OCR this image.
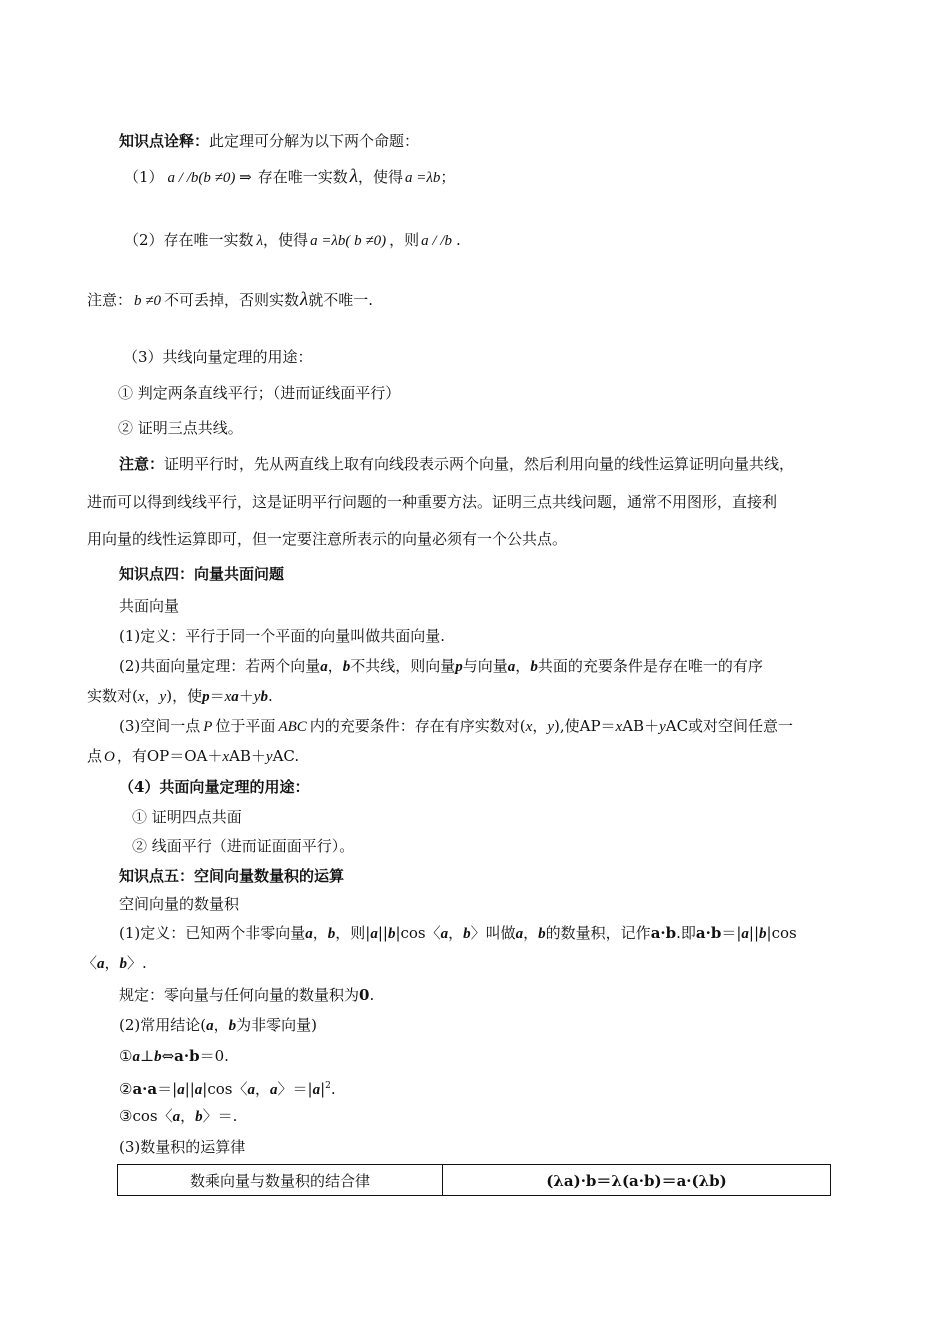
知识点诠释：此定理可分解为以下两个命题：
（1） a / /b(b ≠0) ⇒ 存在唯一实数 λ，使得 a =λb；
（2）存在唯一实数 λ，使得 a =λb( b ≠0) ，则 a / /b .
注意： b ≠0 不可丢掉，否则实数λ就不唯一.
（3）共线向量定理的用途：
① 判定两条直线平行；（进而证线面平行）
② 证明三点共线。
注意：证明平行时，先从两直线上取有向线段表示两个向量，然后利用向量的线性运算证明向量共线，
进而可以得到线线平行，这是证明平行问题的一种重要方法。证明三点共线问题，通常不用图形，直接利
用向量的线性运算即可，但一定要注意所表示的向量必须有一个公共点。
知识点四：向量共面问题
共面向量
(1)定义：平行于同一个平面的向量叫做共面向量.
(2)共面向量定理：若两个向量a，b不共线，则向量p与向量a，b共面的充要条件是存在唯一的有序
实数对(x，y)，使p＝xa＋yb.
(3)空间一点 P 位于平面 ABC 内的充要条件：存在有序实数对(x，y),使AP＝xAB＋yAC或对空间任意一
点 O ，有OP＝OA＋xAB＋yAC.
（4）共面向量定理的用途：
① 证明四点共面
② 线面平行（进而证面面平行）。
知识点五：空间向量数量积的运算
空间向量的数量积
(1)定义：已知两个非零向量a，b，则|a||b|cos〈a，b〉叫做a，b的数量积，记作a·b.即a·b＝|a||b|cos
〈a，b〉.
规定：零向量与任何向量的数量积为0.
(2)常用结论(a，b为非零向量)
①a⊥b⇔a·b＝0.
②a·a＝|a||a|cos〈a，a〉$=|a|^2$.
③cos〈a，b〉＝.
(3)数量积的运算律
数乘向量与数量积的结合律	(λa)·b＝λ(a·b)＝a·(λb)
